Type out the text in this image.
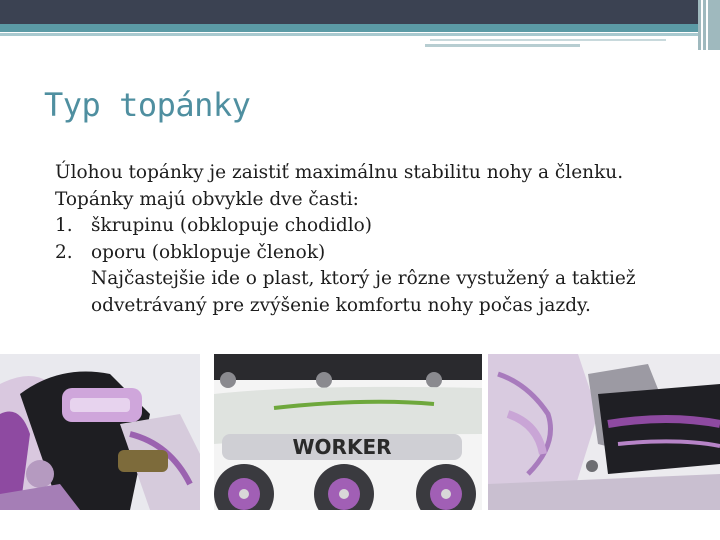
Typ topánky
Úlohou topánky je zaistiť maximálnu stabilitu nohy a členku.
Topánky majú obvykle dve časti:
1. škrupinu (obklopuje chodidlo)
2. oporu (obklopuje členok)
Najčastejšie ide o plast, ktorý je rôzne vystužený a taktiež
odvetrávaný pre zvýšenie komfortu nohy počas jazdy.
WORKER
